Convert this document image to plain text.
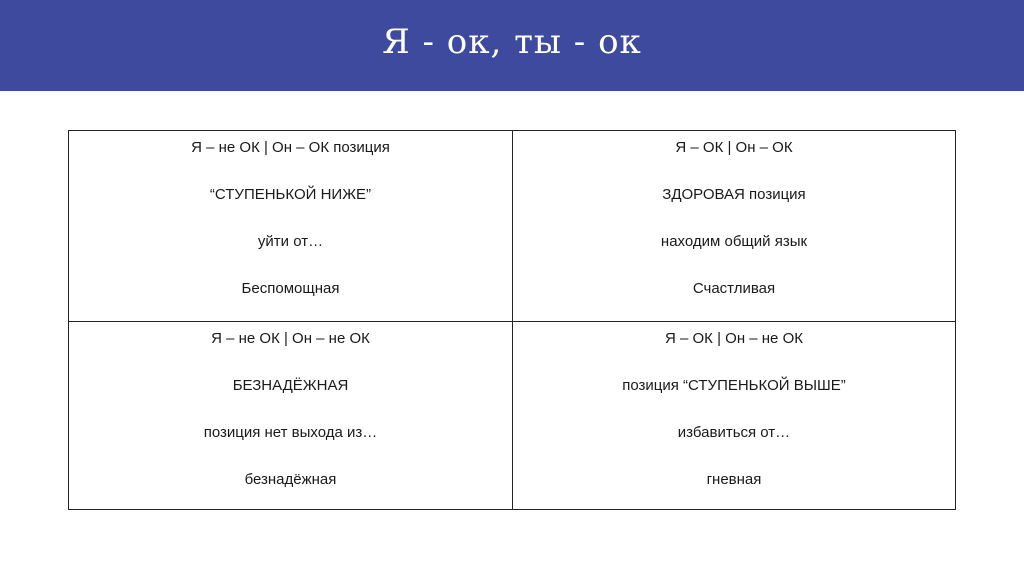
Я - ок, ты - ок
Я – не ОК | Он – ОК позиция
“СТУПЕНЬКОЙ НИЖЕ”
уйти от…
Беспомощная
Я – ОК | Он – ОК
ЗДОРОВАЯ позиция
находим общий язык
Счастливая
Я – не ОК | Он – не ОК
БЕЗНАДЁЖНАЯ
позиция нет выхода из…
безнадёжная
Я – ОК | Он – не ОК
позиция “СТУПЕНЬКОЙ ВЫШЕ”
избавиться от…
гневная
